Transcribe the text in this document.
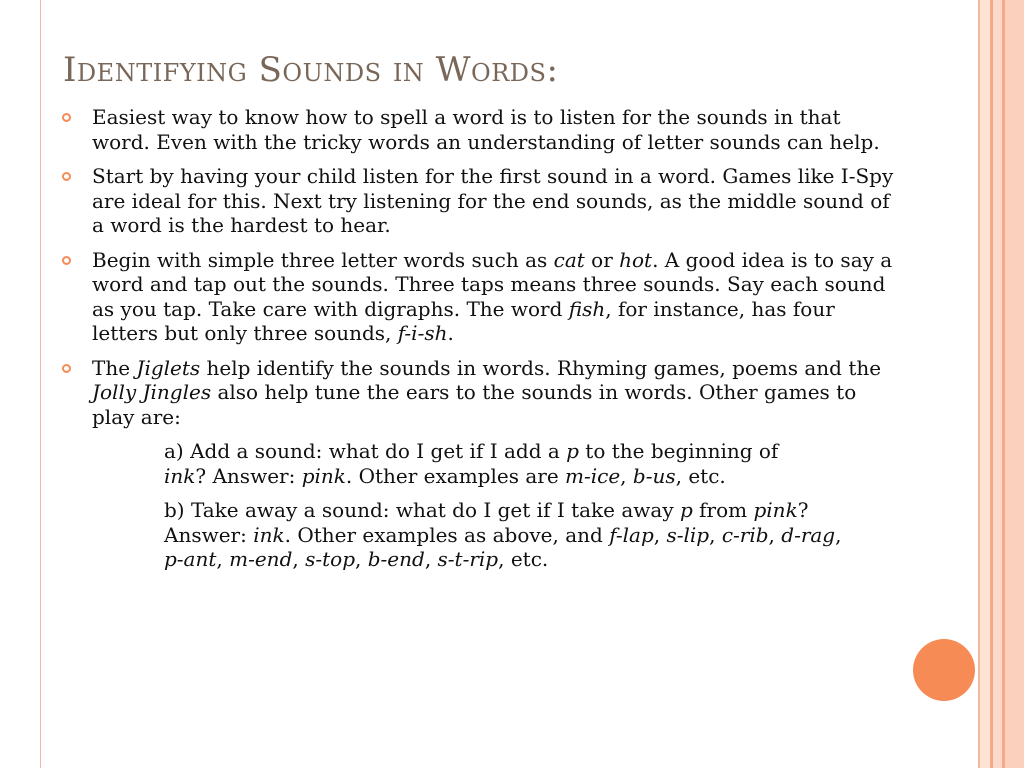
Identifying Sounds in Words:
Easiest way to know how to spell a word is to listen for the sounds in that word. Even with the tricky words an understanding of letter sounds can help.
Start by having your child listen for the first sound in a word. Games like I-Spy are ideal for this. Next try listening for the end sounds, as the middle sound of a word is the hardest to hear.
Begin with simple three letter words such as cat or hot. A good idea is to say a word and tap out the sounds. Three taps means three sounds. Say each sound as you tap. Take care with digraphs. The word fish, for instance, has four letters but only three sounds, f-i-sh.
The Jiglets help identify the sounds in words. Rhyming games, poems and the Jolly Jingles also help tune the ears to the sounds in words. Other games to play are:
a) Add a sound: what do I get if I add a p to the beginning of ink? Answer: pink. Other examples are m-ice, b-us, etc.
b) Take away a sound: what do I get if I take away p from pink? Answer: ink. Other examples as above, and f-lap, s-lip, c-rib, d-rag, p-ant, m-end, s-top, b-end, s-t-rip, etc.
